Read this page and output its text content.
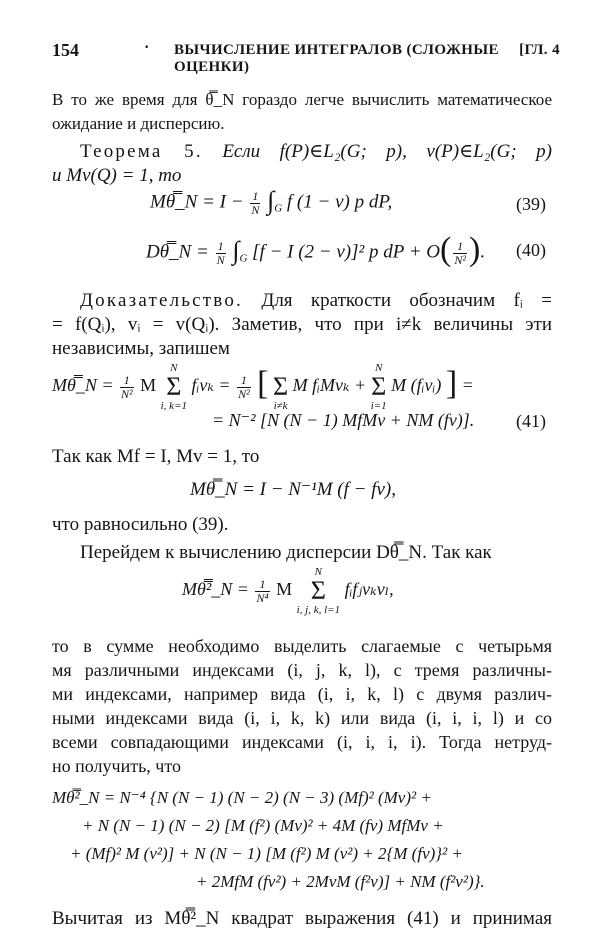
154	· ВЫЧИСЛЕНИЕ ИНТЕГРАЛОВ (СЛОЖНЫЕ ОЦЕНКИ)
[ГЛ. 4
В то же время для θ̿_N гораздо легче вычислить математическое
ожидание и дисперсию.
Теорема 5. Если f(P)∈L₂(G; p), v(P)∈L₂(G; p)
и Mv(Q) = 1, то
Mθ̿_N = $I - \frac{1}{N} \int_G$ f (1 − v) p dP,	(39)
Dθ̿_N = $\frac{1}{N} \int_G$ [f − I (2 − v)]² p dP + $O( \frac{1}{\text{N²}}$ ). (40)
Доказательство. Для краткости обозначим fᵢ =
= f(Qᵢ), vᵢ = v(Qᵢ). Заметив, что при i≠k величины эти
независимы, запишем
Mθ̿_N = $\frac{1}{\text{N²}}$ M
N
Σ
i, k=1
fᵢvₖ = $\frac{1}{\text{N²}}$ [
Σ
i≠k
M fᵢMvₖ +
N
Σ
i=1
M (fᵢvᵢ) ] =
= N⁻² [N (N − 1) MfMv + NM (fv)]. (41)
Так как Mf = I, Mv = 1, то
Mθ̿_N = I − N⁻¹M (f − fv),
что равносильно (39).
Перейдем к вычислению дисперсии Dθ̿_N. Так как
Mθ̿²_N = $\frac{1}{\text{N⁴}}$ M
N
Σ
i, j, k, l=1
fᵢfⱼvₖvₗ,
то в сумме необходимо выделить слагаемые с четырьмя
мя различными индексами (i, j, k, l), с тремя различны-
ми индексами, например вида (i, i, k, l) с двумя различ-
ными индексами вида (i, i, k, k) или вида (i, i, i, l) и со
всеми совпадающими индексами (i, i, i, i). Тогда нетруд-
но получить, что
Mθ̿²_N = N⁻⁴ {N (N − 1) (N − 2) (N − 3) (Mf)² (Mv)² +
+ N (N − 1) (N − 2) [M (f²) (Mv)² + 4M (fv) MfMv +
+ (Mf)² M (v²)] + N (N − 1) [M (f²) M (v²) + 2{M (fv)}² +
+ 2MfM (fv²) + 2MvM (f²v)] + NM (f²v²)}.
Вычитая из Mθ̿²_N квадрат выражения (41) и принимая
